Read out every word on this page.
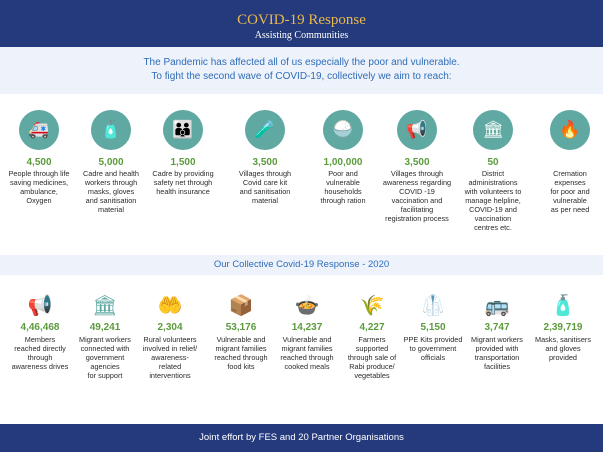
COVID-19 Response
Assisting Communities
The Pandemic has affected all of us especially the poor and vulnerable.
To fight the second wave of COVID-19, collectively we aim to reach:
🚑
4,500
People through life
saving medicines,
ambulance,
Oxygen
🧴
5,000
Cadre and health
workers through
masks, gloves
and sanitisation
material
👪
1,500
Cadre by providing
safety net through
health insurance
🧪
3,500
Villages through
Covid care kit
and sanitisation
material
🍚
1,00,000
Poor and
vulnerable
households
through ration
📢
3,500
Villages through
awareness regarding
COVID -19
vaccination and
facilitating
registration process
🏛
50
District
administrations
with volunteers to
manage helpline,
COVID-19 and
vaccination
centres etc.
🔥

Cremation
expenses
for poor and
vulnerable
as per need
Our Collective Covid-19 Response - 2020
📢
4,46,468
Members
reached directly
through
awareness drives
🏛
49,241
Migrant workers
connected with
government
agencies
for support
🤲
2,304
Rural volunteers
involved in relief/
awareness-
related
interventions
📦
53,176
Vulnerable and
migrant families
reached through
food kits
🍲
14,237
Vulnerable and
migrant families
reached through
cooked meals
🌾
4,227
Farmers
supported
through sale of
Rabi produce/
vegetables
🥼
5,150
PPE Kits provided
to government
officials
🚌
3,747
Migrant workers
provided with
transportation
facilities
🧴
2,39,719
Masks, sanitisers
and gloves
provided
Joint effort by FES and 20 Partner Organisations
